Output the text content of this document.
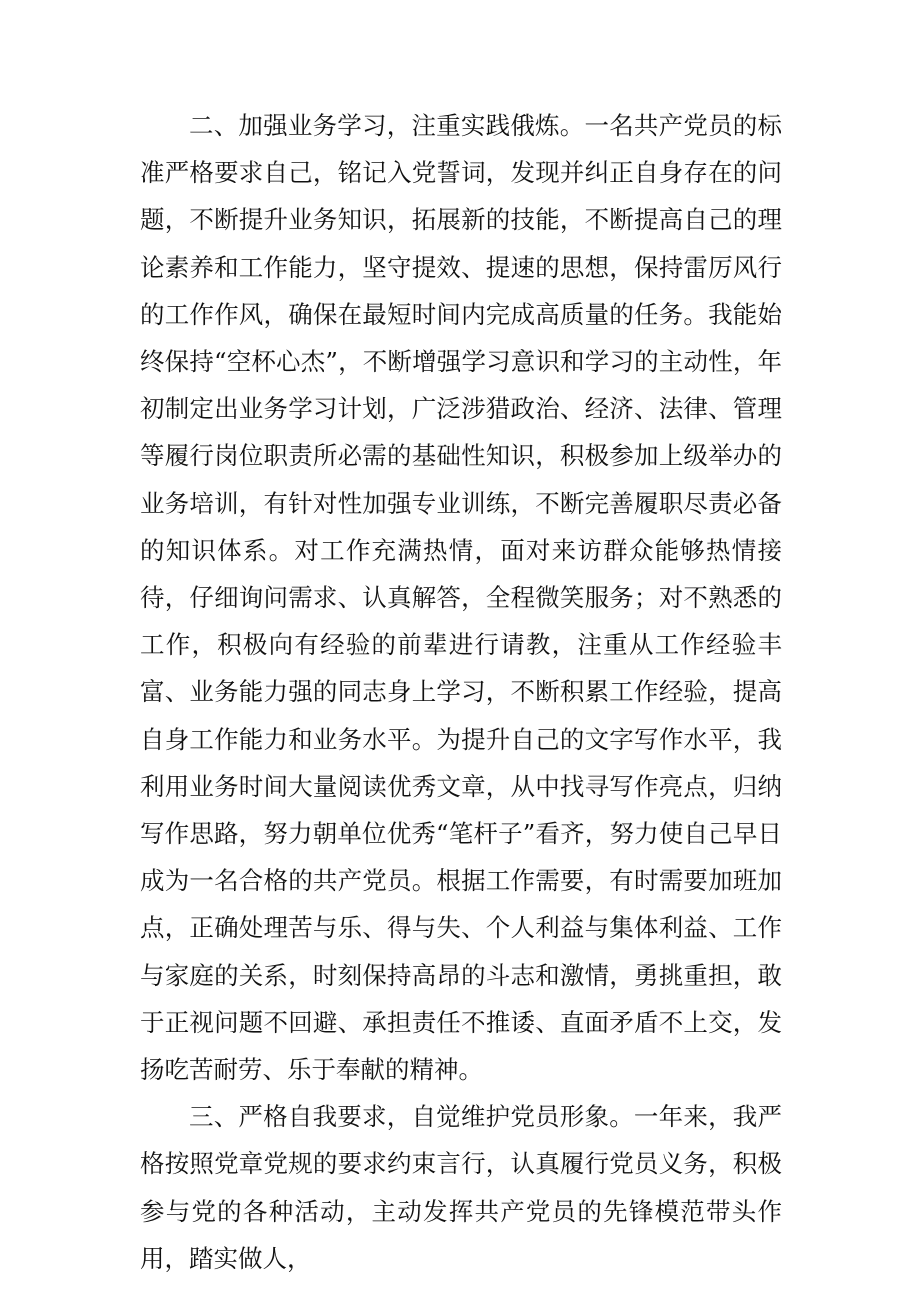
二、加强业务学习，注重实践俄炼。一名共产党员的标准严格要求自己，铭记入党誓词，发现并纠正自身存在的问题，不断提升业务知识，拓展新的技能，不断提高自己的理论素养和工作能力，坚守提效、提速的思想，保持雷厉风行的工作作风，确保在最短时间内完成高质量的任务。我能始终保持“空杯心杰”，不断增强学习意识和学习的主动性，年初制定出业务学习计划，广泛涉猎政治、经济、法律、管理等履行岗位职责所必需的基础性知识，积极参加上级举办的业务培训，有针对性加强专业训练，不断完善履职尽责必备的知识体系。对工作充满热情，面对来访群众能够热情接待，仔细询问需求、认真解答，全程微笑服务；对不熟悉的工作，积极向有经验的前辈进行请教，注重从工作经验丰富、业务能力强的同志身上学习，不断积累工作经验，提高自身工作能力和业务水平。为提升自己的文字写作水平，我利用业务时间大量阅读优秀文章，从中找寻写作亮点，归纳写作思路，努力朝单位优秀“笔杆子”看齐，努力使自己早日成为一名合格的共产党员。根据工作需要，有时需要加班加点，正确处理苦与乐、得与失、个人利益与集体利益、工作与家庭的关系，时刻保持高昂的斗志和激情，勇挑重担，敢于正视问题不回避、承担责任不推诿、直面矛盾不上交，发扬吃苦耐劳、乐于奉献的精神。

三、严格自我要求，自觉维护党员形象。一年来，我严格按照党章党规的要求约束言行，认真履行党员义务，积极参与党的各种活动，主动发挥共产党员的先锋模范带头作用，踏实做人，
